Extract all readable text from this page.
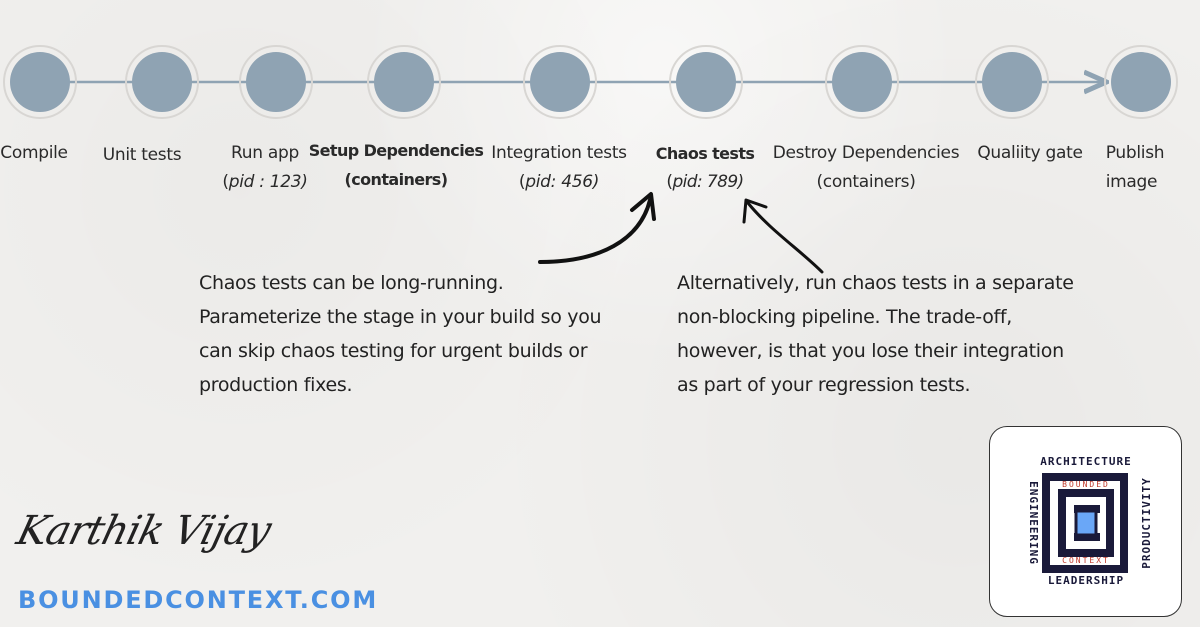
Compile Unit tests	Run app
(pid : 123)
Setup Dependencies
(containers)
Integration tests
(pid: 456)
Chaos tests
(pid: 789)
Destroy Dependencies
(containers)
Qualiity gate Publish
image
Chaos tests can be long-running.
Parameterize the stage in your build so you
can skip chaos testing for urgent builds or
production fixes.
Alternatively, run chaos tests in a separate
non-blocking pipeline. The trade-off,
however, is that you lose their integration
as part of your regression tests.
Karthik Vijay
BOUNDEDCONTEXT.COM
ARCHITECTURE
LEADERSHIP
ENGINEERING	PRODUCTIVITY
BOUNDED
CONTEXT
